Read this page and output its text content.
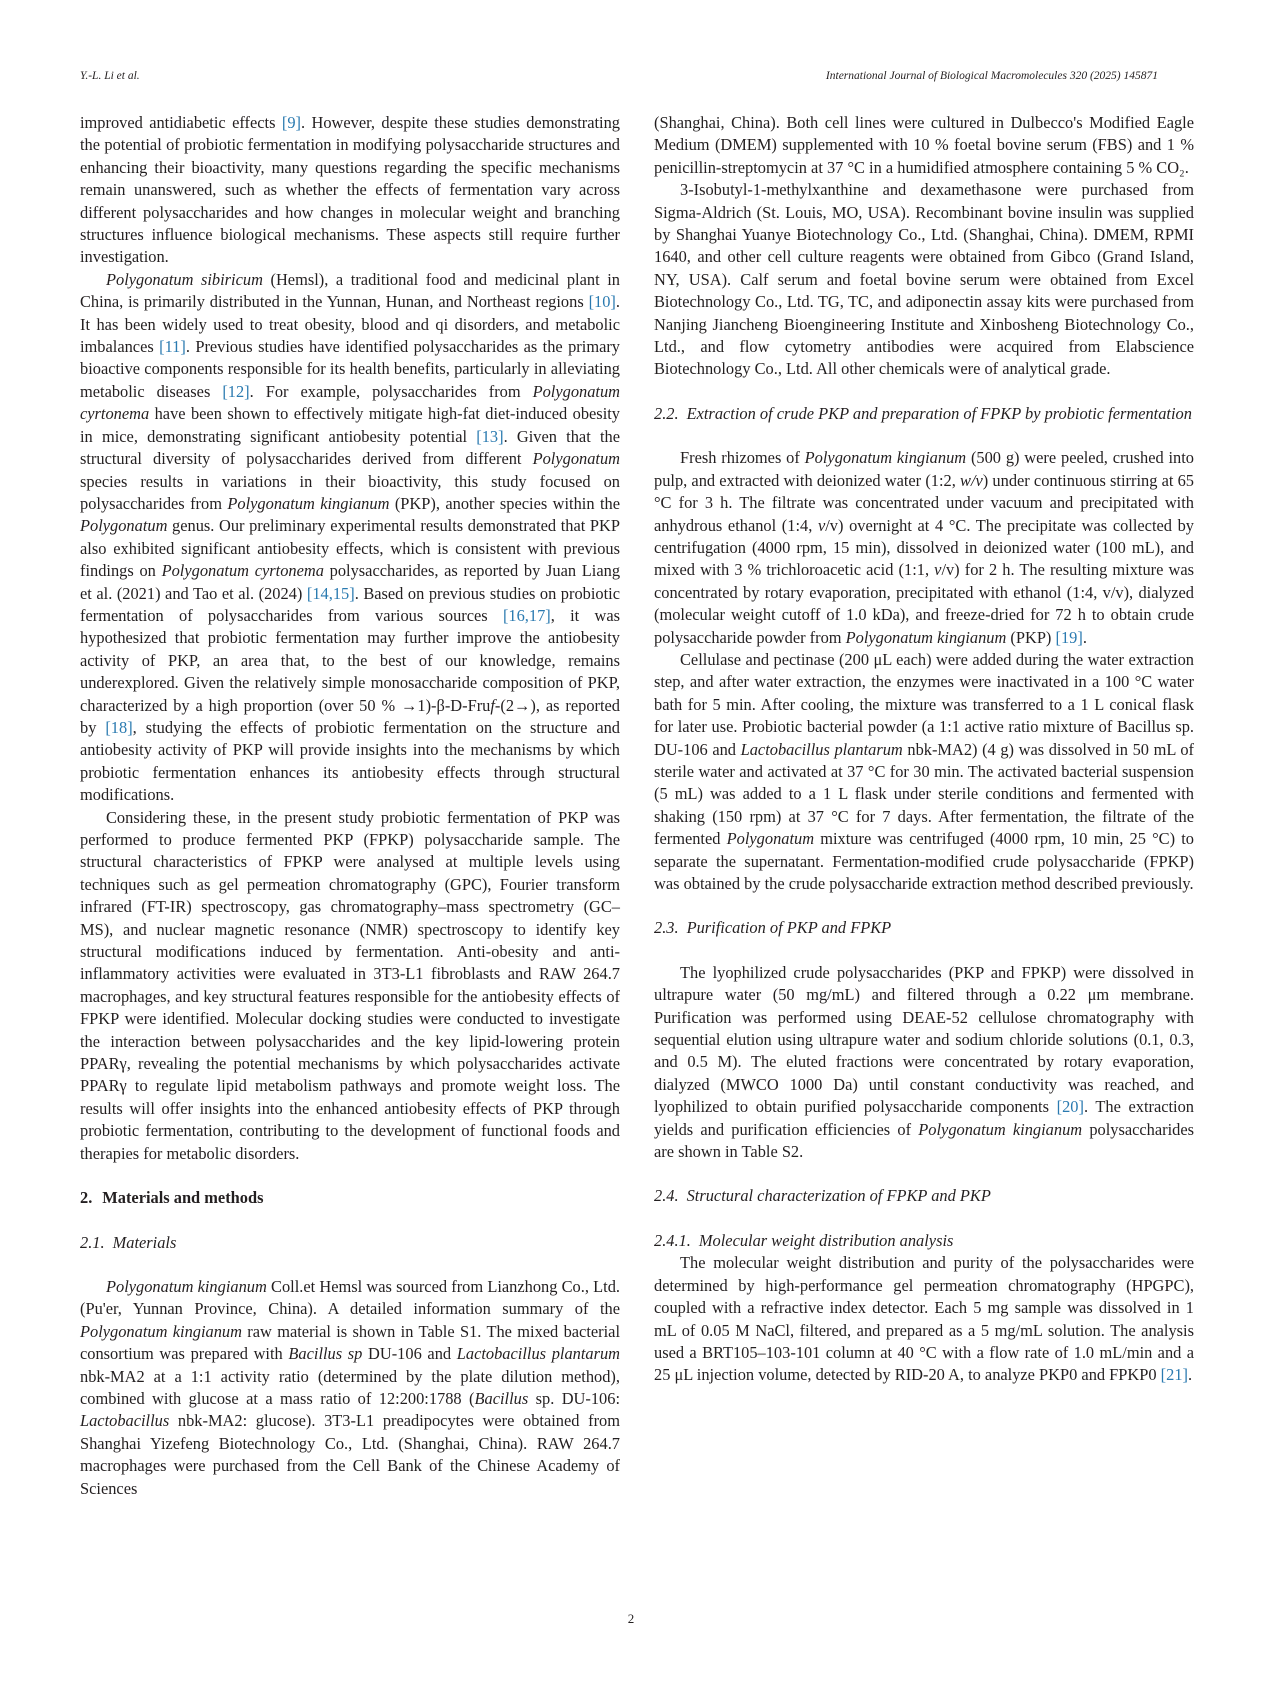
Y.-L. Li et al.	International Journal of Biological Macromolecules 320 (2025) 145871

improved antidiabetic effects [9]. However, despite these studies demonstrating the potential of probiotic fermentation in modifying polysaccharide structures and enhancing their bioactivity, many questions regarding the specific mechanisms remain unanswered, such as whether the effects of fermentation vary across different polysaccharides and how changes in molecular weight and branching structures influence biological mechanisms. These aspects still require further investigation.

Polygonatum sibiricum (Hemsl), a traditional food and medicinal plant in China, is primarily distributed in the Yunnan, Hunan, and Northeast regions [10]. It has been widely used to treat obesity, blood and qi disorders, and metabolic imbalances [11]. Previous studies have identified polysaccharides as the primary bioactive components responsible for its health benefits, particularly in alleviating metabolic diseases [12]. For example, polysaccharides from Polygonatum cyrtonema have been shown to effectively mitigate high-fat diet-induced obesity in mice, demonstrating significant antiobesity potential [13]. Given that the structural diversity of polysaccharides derived from different Polygonatum species results in variations in their bioactivity, this study focused on polysaccharides from Polygonatum kingianum (PKP), another species within the Polygonatum genus. Our preliminary experimental results demonstrated that PKP also exhibited significant antiobesity effects, which is consistent with previous findings on Polygonatum cyrtonema polysaccharides, as reported by Juan Liang et al. (2021) and Tao et al. (2024) [14,15]. Based on previous studies on probiotic fermentation of polysaccharides from various sources [16,17], it was hypothesized that probiotic fermentation may further improve the antiobesity activity of PKP, an area that, to the best of our knowledge, remains underexplored. Given the relatively simple monosaccharide composition of PKP, characterized by a high proportion (over 50 % →1)-β-D-Fruf-(2→), as reported by [18], studying the effects of probiotic fermentation on the structure and antiobesity activity of PKP will provide insights into the mechanisms by which probiotic fermentation enhances its antiobesity effects through structural modifications.

Considering these, in the present study probiotic fermentation of PKP was performed to produce fermented PKP (FPKP) polysaccharide sample. The structural characteristics of FPKP were analysed at multiple levels using techniques such as gel permeation chromatography (GPC), Fourier transform infrared (FT-IR) spectroscopy, gas chromatography–mass spectrometry (GC–MS), and nuclear magnetic resonance (NMR) spectroscopy to identify key structural modifications induced by fermentation. Anti-obesity and anti-inflammatory activities were evaluated in 3T3-L1 fibroblasts and RAW 264.7 macrophages, and key structural features responsible for the antiobesity effects of FPKP were identified. Molecular docking studies were conducted to investigate the interaction between polysaccharides and the key lipid-lowering protein PPARγ, revealing the potential mechanisms by which polysaccharides activate PPARγ to regulate lipid metabolism pathways and promote weight loss. The results will offer insights into the enhanced antiobesity effects of PKP through probiotic fermentation, contributing to the development of functional foods and therapies for metabolic disorders.

2. Materials and methods
2.1. Materials

Polygonatum kingianum Coll.et Hemsl was sourced from Lianzhong Co., Ltd. (Pu'er, Yunnan Province, China). A detailed information summary of the Polygonatum kingianum raw material is shown in Table S1. The mixed bacterial consortium was prepared with Bacillus sp DU-106 and Lactobacillus plantarum nbk-MA2 at a 1:1 activity ratio (determined by the plate dilution method), combined with glucose at a mass ratio of 12:200:1788 (Bacillus sp. DU-106: Lactobacillus nbk-MA2: glucose). 3T3-L1 preadipocytes were obtained from Shanghai Yizefeng Biotechnology Co., Ltd. (Shanghai, China). RAW 264.7 macrophages were purchased from the Cell Bank of the Chinese Academy of Sciences

(Shanghai, China). Both cell lines were cultured in Dulbecco's Modified Eagle Medium (DMEM) supplemented with 10 % foetal bovine serum (FBS) and 1 % penicillin-streptomycin at 37 °C in a humidified atmosphere containing 5 % CO₂.

3-Isobutyl-1-methylxanthine and dexamethasone were purchased from Sigma-Aldrich (St. Louis, MO, USA). Recombinant bovine insulin was supplied by Shanghai Yuanye Biotechnology Co., Ltd. (Shanghai, China). DMEM, RPMI 1640, and other cell culture reagents were obtained from Gibco (Grand Island, NY, USA). Calf serum and foetal bovine serum were obtained from Excel Biotechnology Co., Ltd. TG, TC, and adiponectin assay kits were purchased from Nanjing Jiancheng Bioengineering Institute and Xinbosheng Biotechnology Co., Ltd., and flow cytometry antibodies were acquired from Elabscience Biotechnology Co., Ltd. All other chemicals were of analytical grade.

2.2. Extraction of crude PKP and preparation of FPKP by probiotic fermentation

Fresh rhizomes of Polygonatum kingianum (500 g) were peeled, crushed into pulp, and extracted with deionized water (1:2, w/v) under continuous stirring at 65 °C for 3 h. The filtrate was concentrated under vacuum and precipitated with anhydrous ethanol (1:4, v/v) overnight at 4 °C. The precipitate was collected by centrifugation (4000 rpm, 15 min), dissolved in deionized water (100 mL), and mixed with 3 % trichloroacetic acid (1:1, v/v) for 2 h. The resulting mixture was concentrated by rotary evaporation, precipitated with ethanol (1:4, v/v), dialyzed (molecular weight cutoff of 1.0 kDa), and freeze-dried for 72 h to obtain crude polysaccharide powder from Polygonatum kingianum (PKP) [19].

Cellulase and pectinase (200 μL each) were added during the water extraction step, and after water extraction, the enzymes were inactivated in a 100 °C water bath for 5 min. After cooling, the mixture was transferred to a 1 L conical flask for later use. Probiotic bacterial powder (a 1:1 active ratio mixture of Bacillus sp. DU-106 and Lactobacillus plantarum nbk-MA2) (4 g) was dissolved in 50 mL of sterile water and activated at 37 °C for 30 min. The activated bacterial suspension (5 mL) was added to a 1 L flask under sterile conditions and fermented with shaking (150 rpm) at 37 °C for 7 days. After fermentation, the filtrate of the fermented Polygonatum mixture was centrifuged (4000 rpm, 10 min, 25 °C) to separate the supernatant. Fermentation-modified crude polysaccharide (FPKP) was obtained by the crude polysaccharide extraction method described previously.

2.3. Purification of PKP and FPKP

The lyophilized crude polysaccharides (PKP and FPKP) were dissolved in ultrapure water (50 mg/mL) and filtered through a 0.22 μm membrane. Purification was performed using DEAE-52 cellulose chromatography with sequential elution using ultrapure water and sodium chloride solutions (0.1, 0.3, and 0.5 M). The eluted fractions were concentrated by rotary evaporation, dialyzed (MWCO 1000 Da) until constant conductivity was reached, and lyophilized to obtain purified polysaccharide components [20]. The extraction yields and purification efficiencies of Polygonatum kingianum polysaccharides are shown in Table S2.

2.4. Structural characterization of FPKP and PKP
2.4.1. Molecular weight distribution analysis

The molecular weight distribution and purity of the polysaccharides were determined by high-performance gel permeation chromatography (HPGPC), coupled with a refractive index detector. Each 5 mg sample was dissolved in 1 mL of 0.05 M NaCl, filtered, and prepared as a 5 mg/mL solution. The analysis used a BRT105–103-101 column at 40 °C with a flow rate of 1.0 mL/min and a 25 μL injection volume, detected by RID-20 A, to analyze PKP0 and FPKP0 [21].

2
